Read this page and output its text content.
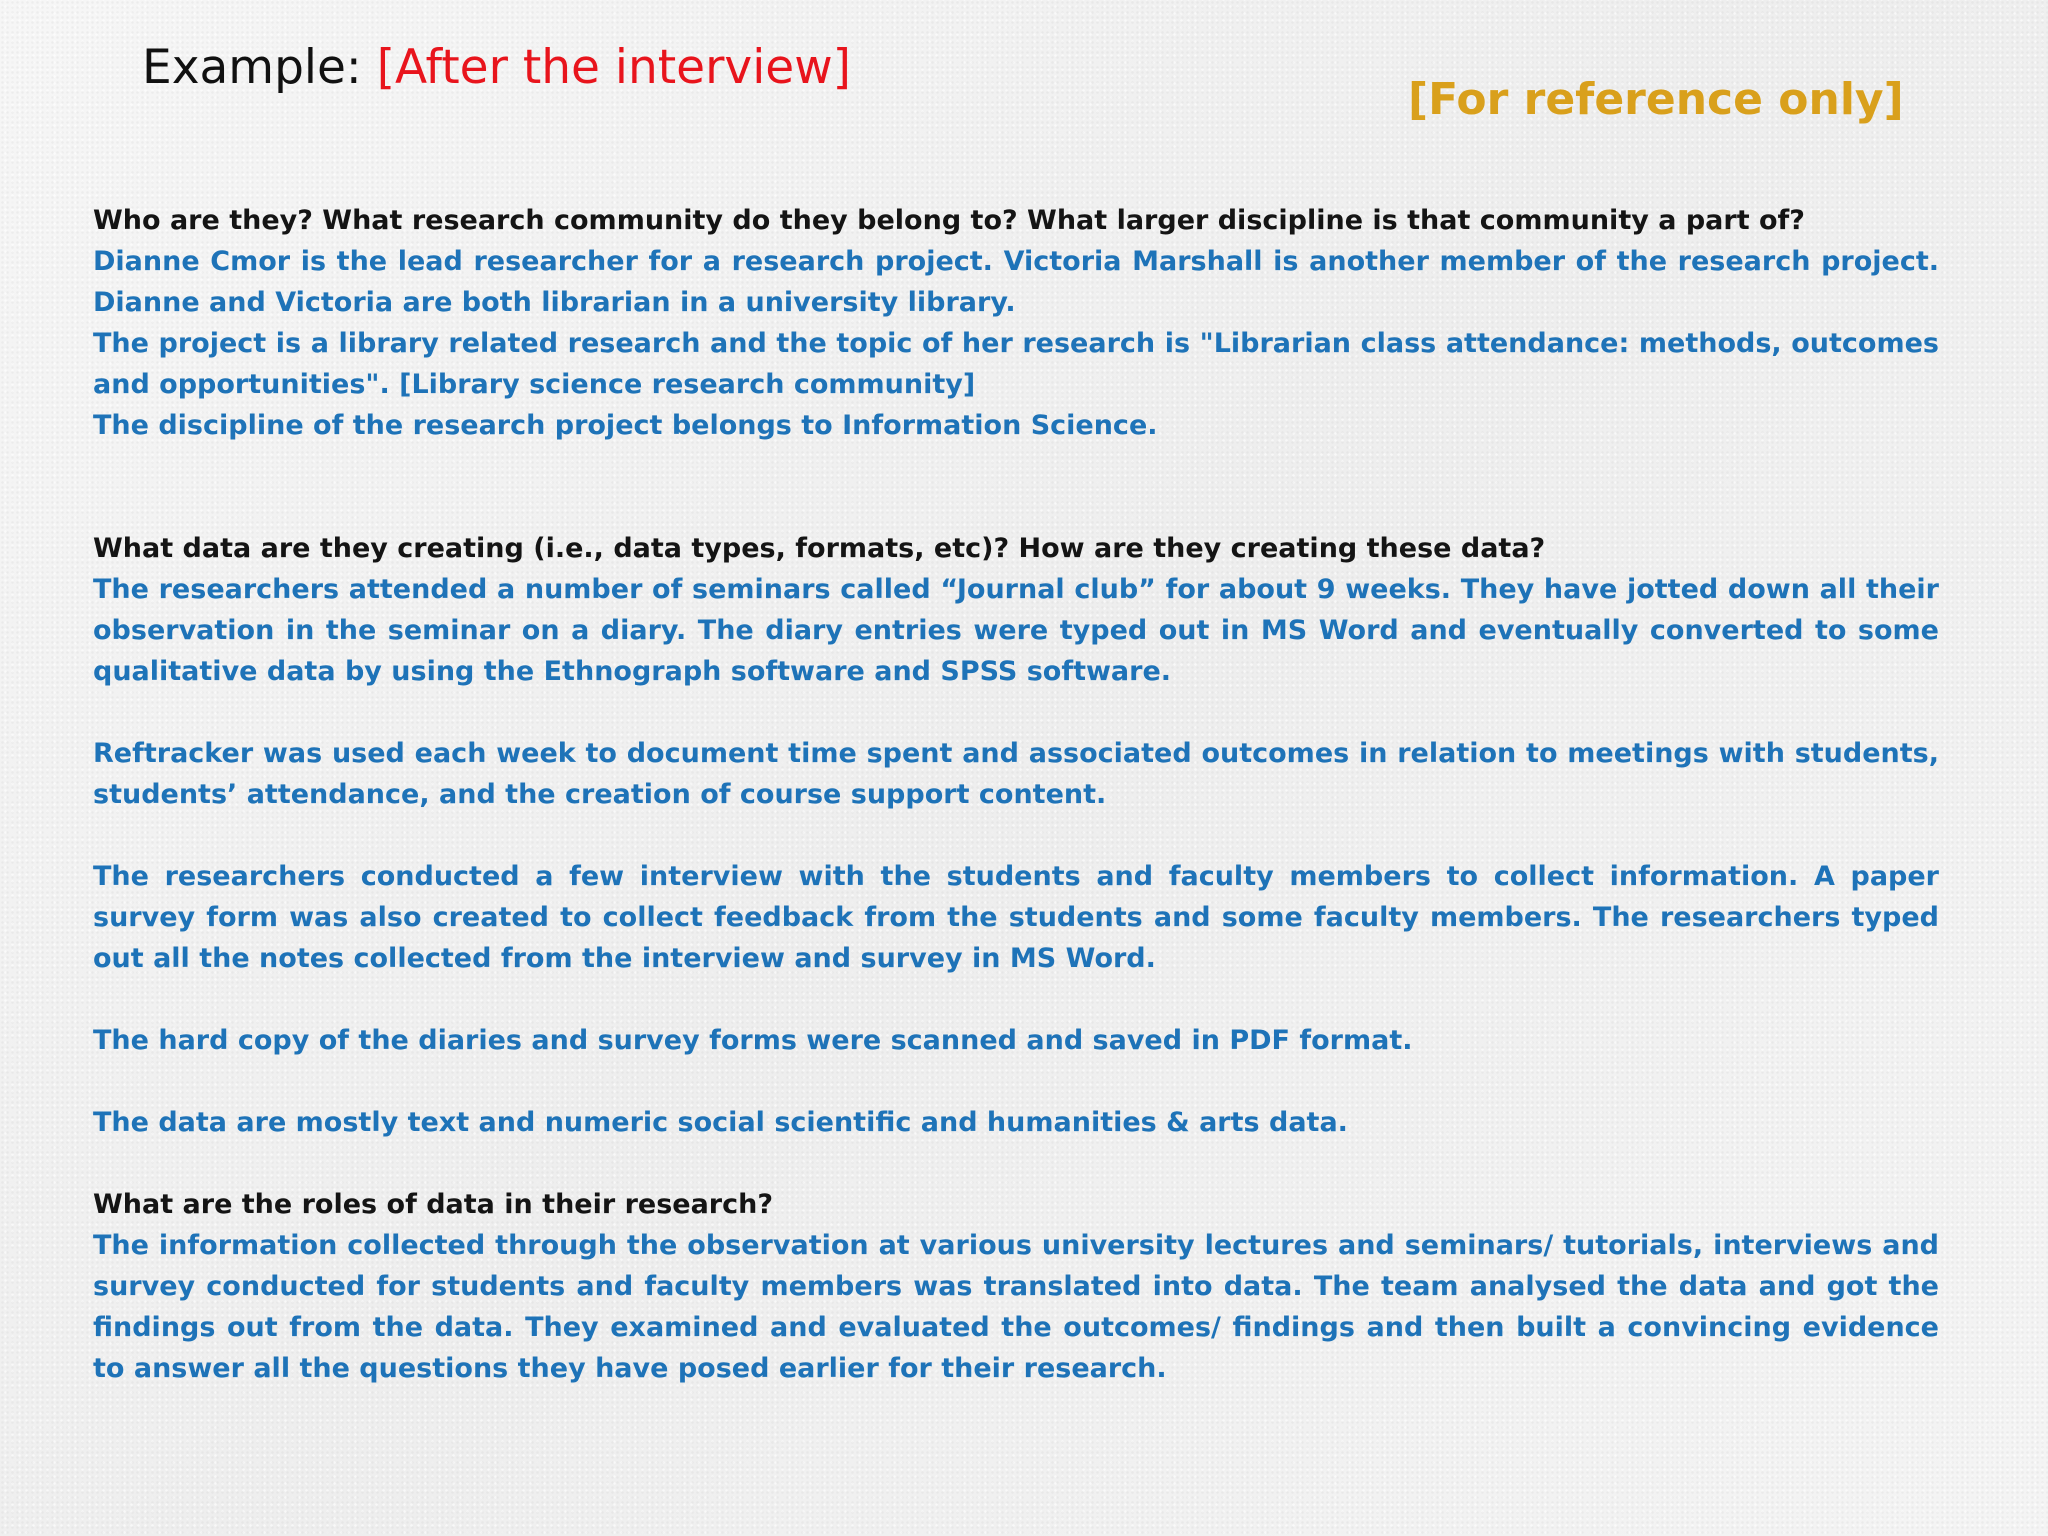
Example: [After the interview]
[For reference only]

Who are they? What research community do they belong to? What larger discipline is that community a part of?

Dianne Cmor is the lead researcher for a research project. Victoria Marshall is another member of the research project. Dianne and Victoria are both librarian in a university library.

The project is a library related research and the topic of her research is "Librarian class attendance: methods, outcomes and opportunities". [Library science research community]

The discipline of the research project belongs to Information Science.

What data are they creating (i.e., data types, formats, etc)? How are they creating these data?

The researchers attended a number of seminars called “Journal club” for about 9 weeks. They have jotted down all their observation in the seminar on a diary. The diary entries were typed out in MS Word and eventually converted to some qualitative data by using the Ethnograph software and SPSS software.

Reftracker was used each week to document time spent and associated outcomes in relation to meetings with students, students’ attendance, and the creation of course support content.

The researchers conducted a few interview with the students and faculty members to collect information. A paper survey form was also created to collect feedback from the students and some faculty members. The researchers typed out all the notes collected from the interview and survey in MS Word.

The hard copy of the diaries and survey forms were scanned and saved in PDF format.

The data are mostly text and numeric social scientific and humanities & arts data.

What are the roles of data in their research?

The information collected through the observation at various university lectures and seminars/ tutorials, interviews and survey conducted for students and faculty members was translated into data. The team analysed the data and got the findings out from the data. They examined and evaluated the outcomes/ findings and then built a convincing evidence to answer all the questions they have posed earlier for their research.
